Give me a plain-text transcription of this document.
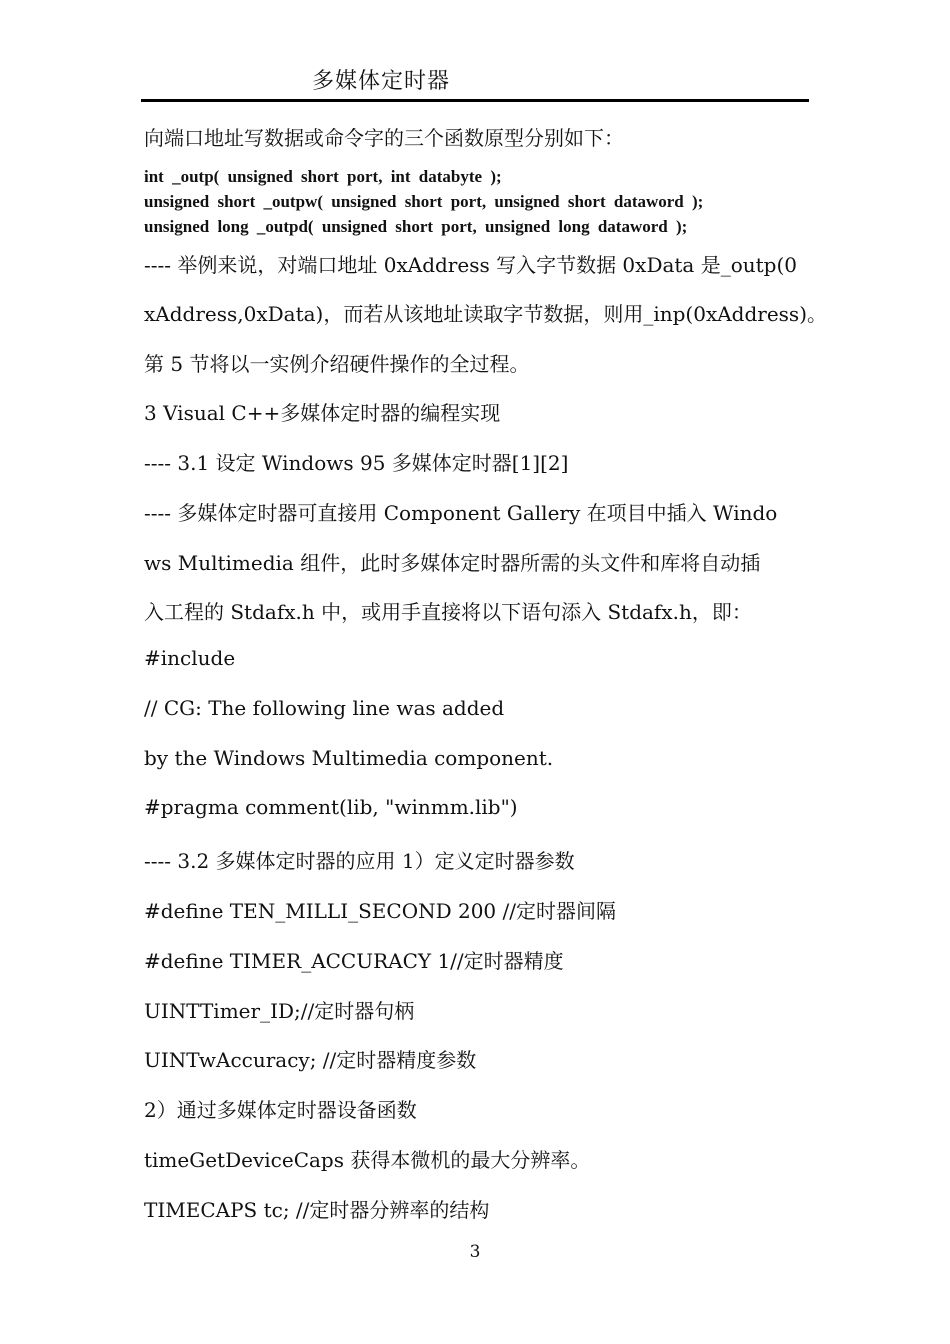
多媒体定时器
向端口地址写数据或命令字的三个函数原型分别如下：
int _outp( unsigned short port, int databyte );
unsigned short _outpw( unsigned short port, unsigned short dataword );
unsigned long _outpd( unsigned short port, unsigned long dataword );
---- 举例来说，对端口地址 0xAddress 写入字节数据 0xData 是_outp(0
xAddress,0xData)，而若从该地址读取字节数据，则用_inp(0xAddress)。
第 5 节将以一实例介绍硬件操作的全过程。
3 Visual C++多媒体定时器的编程实现
---- 3.1 设定 Windows 95 多媒体定时器[1][2]
---- 多媒体定时器可直接用 Component Gallery 在项目中插入 Windo
ws Multimedia 组件，此时多媒体定时器所需的头文件和库将自动插
入工程的 Stdafx.h 中，或用手直接将以下语句添入 Stdafx.h，即：
#include
// CG: The following line was added
by the Windows Multimedia component.
#pragma comment(lib, "winmm.lib")
---- 3.2 多媒体定时器的应用 1）定义定时器参数
#define TEN_MILLI_SECOND 200 //定时器间隔
#define TIMER_ACCURACY 1//定时器精度
UINTTimer_ID;//定时器句柄
UINTwAccuracy; //定时器精度参数
2）通过多媒体定时器设备函数
timeGetDeviceCaps 获得本微机的最大分辨率。
TIMECAPS tc; //定时器分辨率的结构
3
